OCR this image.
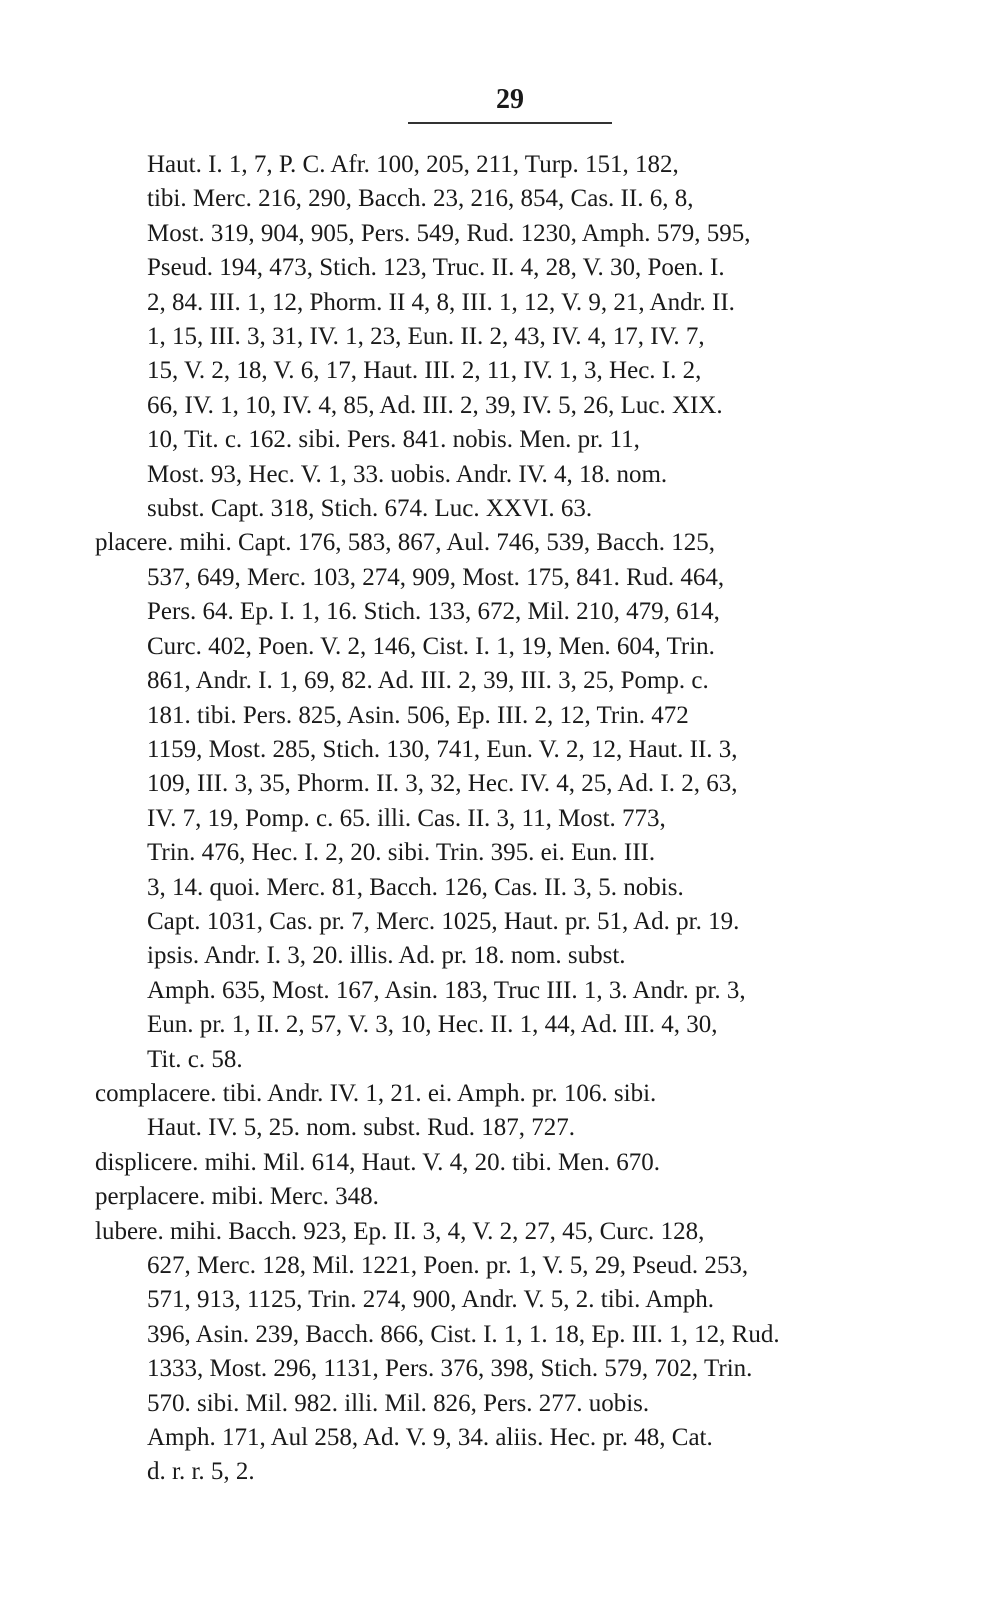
29
Haut. I. 1, 7, P. C. Afr. 100, 205, 211, Turp. 151, 182,
tibi. Merc. 216, 290, Bacch. 23, 216, 854, Cas. II. 6, 8,
Most. 319, 904, 905, Pers. 549, Rud. 1230, Amph. 579, 595,
Pseud. 194, 473, Stich. 123, Truc. II. 4, 28, V. 30, Poen. I.
2, 84. III. 1, 12, Phorm. II 4, 8, III. 1, 12, V. 9, 21, Andr. II.
1, 15, III. 3, 31, IV. 1, 23, Eun. II. 2, 43, IV. 4, 17, IV. 7,
15, V. 2, 18, V. 6, 17, Haut. III. 2, 11, IV. 1, 3, Hec. I. 2,
66, IV. 1, 10, IV. 4, 85, Ad. III. 2, 39, IV. 5, 26, Luc. XIX.
10, Tit. c. 162. sibi. Pers. 841. nobis. Men. pr. 11,
Most. 93, Hec. V. 1, 33. uobis. Andr. IV. 4, 18. nom.
subst. Capt. 318, Stich. 674. Luc. XXVI. 63.
placere. mihi. Capt. 176, 583, 867, Aul. 746, 539, Bacch. 125,
537, 649, Merc. 103, 274, 909, Most. 175, 841. Rud. 464,
Pers. 64. Ep. I. 1, 16. Stich. 133, 672, Mil. 210, 479, 614,
Curc. 402, Poen. V. 2, 146, Cist. I. 1, 19, Men. 604, Trin.
861, Andr. I. 1, 69, 82. Ad. III. 2, 39, III. 3, 25, Pomp. c.
181. tibi. Pers. 825, Asin. 506, Ep. III. 2, 12, Trin. 472
1159, Most. 285, Stich. 130, 741, Eun. V. 2, 12, Haut. II. 3,
109, III. 3, 35, Phorm. II. 3, 32, Hec. IV. 4, 25, Ad. I. 2, 63,
IV. 7, 19, Pomp. c. 65. illi. Cas. II. 3, 11, Most. 773,
Trin. 476, Hec. I. 2, 20. sibi. Trin. 395. ei. Eun. III.
3, 14. quoi. Merc. 81, Bacch. 126, Cas. II. 3, 5. nobis.
Capt. 1031, Cas. pr. 7, Merc. 1025, Haut. pr. 51, Ad. pr. 19.
ipsis. Andr. I. 3, 20. illis. Ad. pr. 18. nom. subst.
Amph. 635, Most. 167, Asin. 183, Truc III. 1, 3. Andr. pr. 3,
Eun. pr. 1, II. 2, 57, V. 3, 10, Hec. II. 1, 44, Ad. III. 4, 30,
Tit. c. 58.
complacere. tibi. Andr. IV. 1, 21. ei. Amph. pr. 106. sibi.
Haut. IV. 5, 25. nom. subst. Rud. 187, 727.
displicere. mihi. Mil. 614, Haut. V. 4, 20. tibi. Men. 670.
perplacere. mibi. Merc. 348.
lubere. mihi. Bacch. 923, Ep. II. 3, 4, V. 2, 27, 45, Curc. 128,
627, Merc. 128, Mil. 1221, Poen. pr. 1, V. 5, 29, Pseud. 253,
571, 913, 1125, Trin. 274, 900, Andr. V. 5, 2. tibi. Amph.
396, Asin. 239, Bacch. 866, Cist. I. 1, 1. 18, Ep. III. 1, 12, Rud.
1333, Most. 296, 1131, Pers. 376, 398, Stich. 579, 702, Trin.
570. sibi. Mil. 982. illi. Mil. 826, Pers. 277. uobis.
Amph. 171, Aul 258, Ad. V. 9, 34. aliis. Hec. pr. 48, Cat.
d. r. r. 5, 2.
